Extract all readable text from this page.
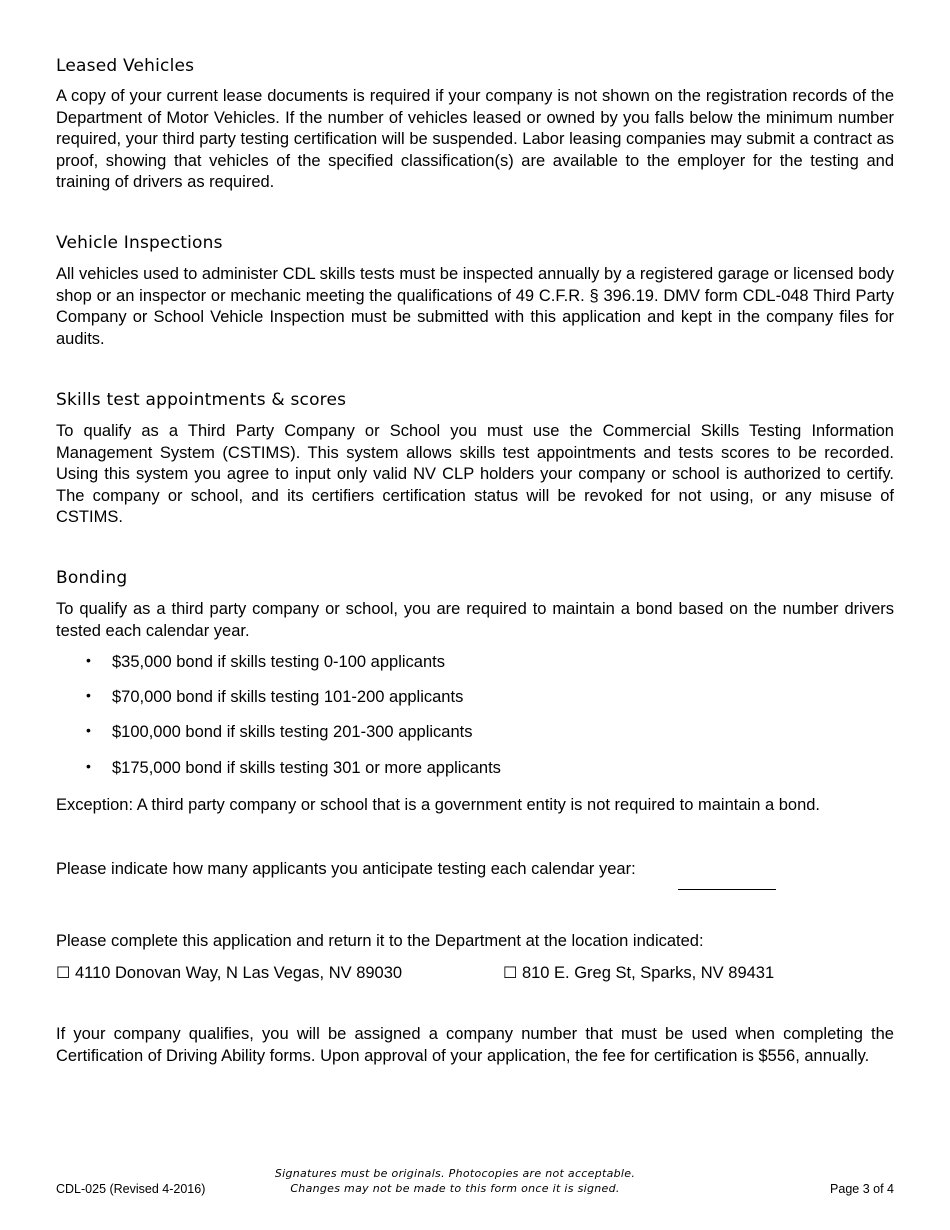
Leased Vehicles
A copy of your current lease documents is required if your company is not shown on the registration records of the Department of Motor Vehicles. If the number of vehicles leased or owned by you falls below the minimum number required, your third party testing certification will be suspended. Labor leasing companies may submit a contract as proof, showing that vehicles of the specified classification(s) are available to the employer for the testing and training of drivers as required.
Vehicle Inspections
All vehicles used to administer CDL skills tests must be inspected annually by a registered garage or licensed body shop or an inspector or mechanic meeting the qualifications of 49 C.F.R. § 396.19. DMV form CDL-048 Third Party Company or School Vehicle Inspection must be submitted with this application and kept in the company files for audits.
Skills test appointments & scores
To qualify as a Third Party Company or School you must use the Commercial Skills Testing Information Management System (CSTIMS). This system allows skills test appointments and tests scores to be recorded. Using this system you agree to input only valid NV CLP holders your company or school is authorized to certify. The company or school, and its certifiers certification status will be revoked for not using, or any misuse of CSTIMS.
Bonding
To qualify as a third party company or school, you are required to maintain a bond based on the number drivers tested each calendar year.
• $35,000 bond if skills testing 0-100 applicants
• $70,000 bond if skills testing 101-200 applicants
• $100,000 bond if skills testing 201-300 applicants
• $175,000 bond if skills testing 301 or more applicants
Exception: A third party company or school that is a government entity is not required to maintain a bond.
Please indicate how many applicants you anticipate testing each calendar year:
Please complete this application and return it to the Department at the location indicated:
☐ 4110 Donovan Way, N Las Vegas, NV 89030	☐ 810 E. Greg St, Sparks, NV 89431
If your company qualifies, you will be assigned a company number that must be used when completing the Certification of Driving Ability forms. Upon approval of your application, the fee for certification is $556, annually.
CDL-025 (Revised 4-2016)
Signatures must be originals. Photocopies are not acceptable.
Changes may not be made to this form once it is signed.	Page 3 of 4
